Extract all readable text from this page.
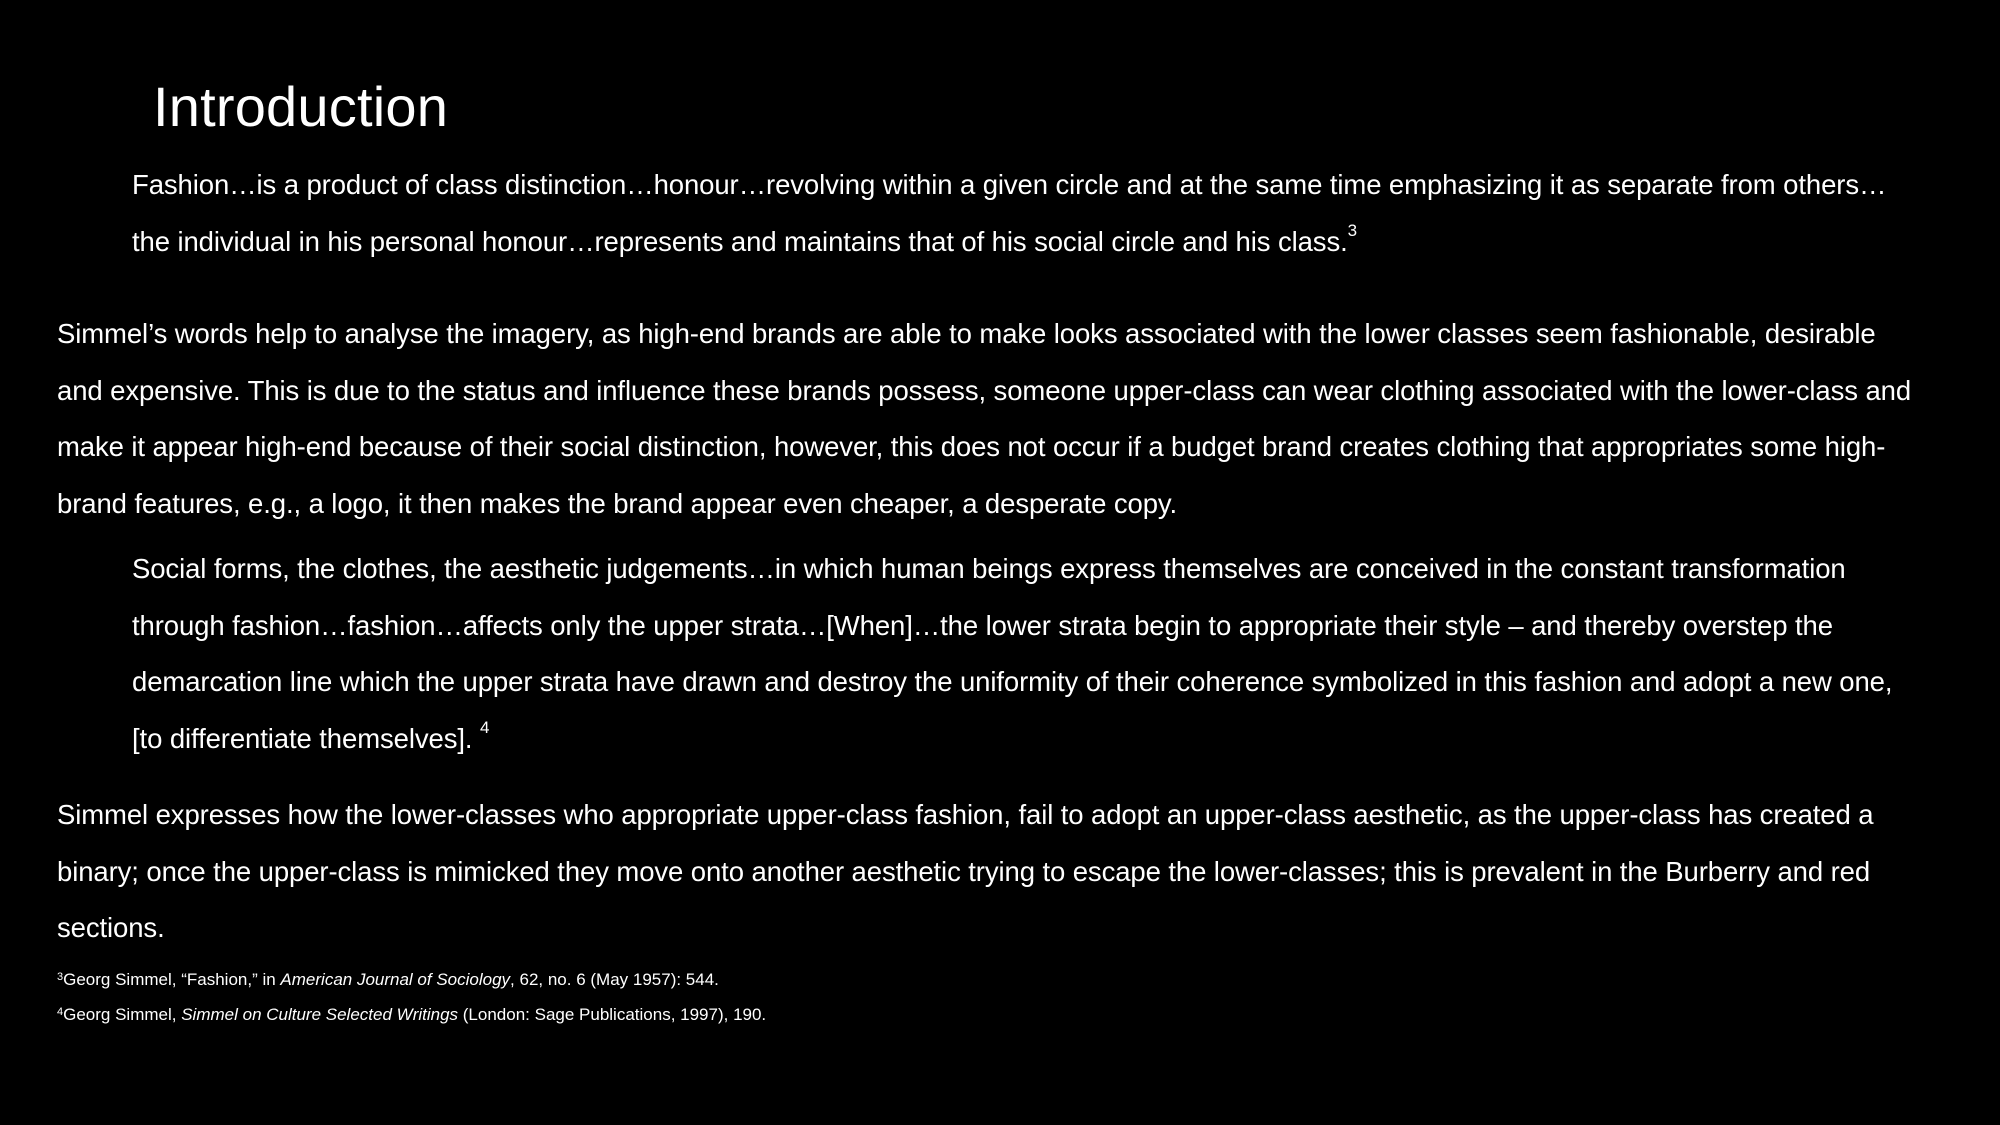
Introduction

Fashion…is a product of class distinction…honour…revolving within a given circle and at the same time emphasizing it as separate from others…the individual in his personal honour…represents and maintains that of his social circle and his class.$^3$

Simmel’s words help to analyse the imagery, as high-end brands are able to make looks associated with the lower classes seem fashionable, desirable and expensive. This is due to the status and influence these brands possess, someone upper-class can wear clothing associated with the lower-class and make it appear high-end because of their social distinction, however, this does not occur if a budget brand creates clothing that appropriates some high-brand features, e.g., a logo, it then makes the brand appear even cheaper, a desperate copy.

Social forms, the clothes, the aesthetic judgements…in which human beings express themselves are conceived in the constant transformation through fashion…fashion…affects only the upper strata…[When]…the lower strata begin to appropriate their style – and thereby overstep the demarcation line which the upper strata have drawn and destroy the uniformity of their coherence symbolized in this fashion and adopt a new one, [to differentiate themselves]. $^4$

Simmel expresses how the lower-classes who appropriate upper-class fashion, fail to adopt an upper-class aesthetic, as the upper-class has created a binary; once the upper-class is mimicked they move onto another aesthetic trying to escape the lower-classes; this is prevalent in the Burberry and red sections.

$^3$Georg Simmel, “Fashion,” in American Journal of Sociology, 62, no. 6 (May 1957): 544.

$^4$Georg Simmel, Simmel on Culture Selected Writings (London: Sage Publications, 1997), 190.
